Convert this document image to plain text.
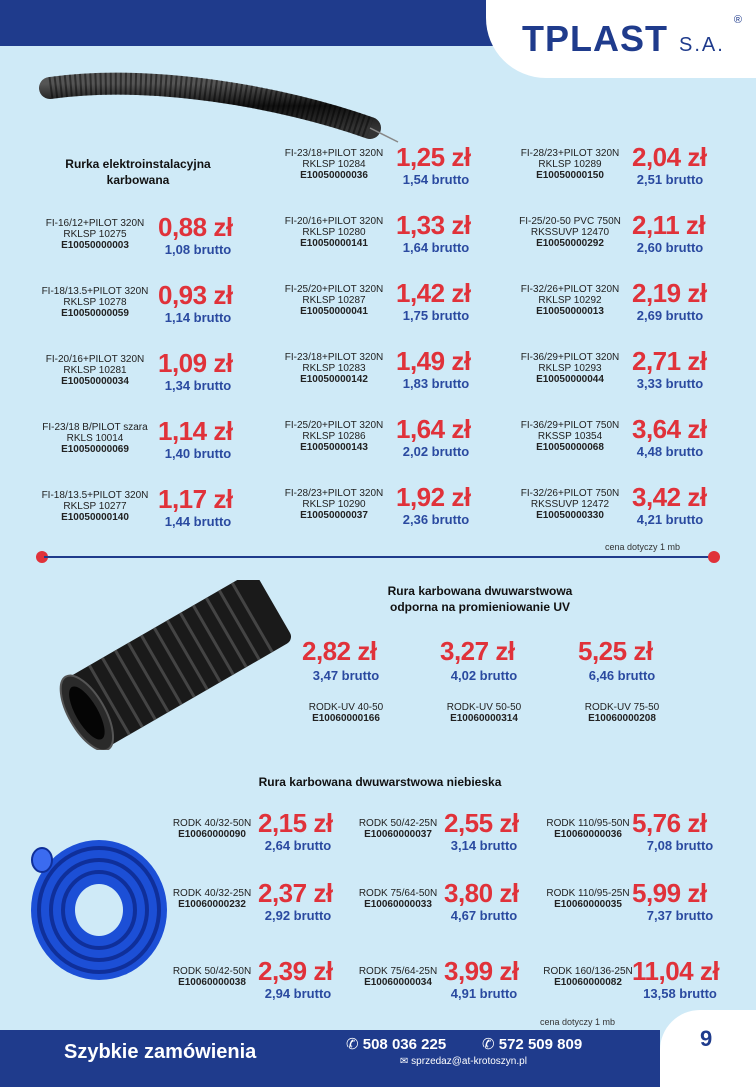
TPLAST S.A.
®
Rurka elektroinstalacyjna
karbowana
FI-16/12+PILOT 320N
RKLSP 10275
E10050000003
0,88 zł
1,08 brutto
FI-18/13.5+PILOT 320N
RKLSP 10278
E10050000059
0,93 zł
1,14 brutto
FI-20/16+PILOT 320N
RKLSP 10281
E10050000034
1,09 zł
1,34 brutto
FI-23/18 B/PILOT szara
RKLS 10014
E10050000069
1,14 zł
1,40 brutto
FI-18/13.5+PILOT 320N
RKLSP 10277
E10050000140
1,17 zł
1,44 brutto
FI-23/18+PILOT 320N
RKLSP 10284
E10050000036
1,25 zł
1,54 brutto
FI-20/16+PILOT 320N
RKLSP 10280
E10050000141
1,33 zł
1,64 brutto
FI-25/20+PILOT 320N
RKLSP 10287
E10050000041
1,42 zł
1,75 brutto
FI-23/18+PILOT 320N
RKLSP 10283
E10050000142
1,49 zł
1,83 brutto
FI-25/20+PILOT 320N
RKLSP 10286
E10050000143
1,64 zł
2,02 brutto
FI-28/23+PILOT 320N
RKLSP 10290
E10050000037
1,92 zł
2,36 brutto
FI-28/23+PILOT 320N
RKLSP 10289
E10050000150
2,04 zł
2,51 brutto
FI-25/20-50 PVC 750N
RKSSUVP 12470
E10050000292
2,11 zł
2,60 brutto
FI-32/26+PILOT 320N
RKLSP 10292
E10050000013
2,19 zł
2,69 brutto
FI-36/29+PILOT 320N
RKLSP 10293
E10050000044
2,71 zł
3,33 brutto
FI-36/29+PILOT 750N
RKSSP 10354
E10050000068
3,64 zł
4,48 brutto
FI-32/26+PILOT 750N
RKSSUVP 12472
E10050000330
3,42 zł
4,21 brutto
cena dotyczy 1 mb
Rura karbowana dwuwarstwowa
odporna na promieniowanie UV
2,82 zł
3,47 brutto
RODK-UV 40-50
E10060000166
3,27 zł
4,02 brutto
RODK-UV 50-50
E10060000314
5,25 zł
6,46 brutto
RODK-UV 75-50
E10060000208
Rura karbowana dwuwarstwowa niebieska
RODK 40/32-50N
E10060000090 2,15 zł
2,64 brutto
RODK 40/32-25N
E10060000232 2,37 zł
2,92 brutto
RODK 50/42-50N
E10060000038 2,39 zł
2,94 brutto
RODK 50/42-25N
E10060000037 2,55 zł
3,14 brutto
RODK 75/64-50N
E10060000033 3,80 zł
4,67 brutto
RODK 75/64-25N
E10060000034 3,99 zł
4,91 brutto
RODK 110/95-50N
E10060000036 5,76 zł
7,08 brutto
RODK 110/95-25N
E10060000035 5,99 zł
7,37 brutto
RODK 160/136-25N
E10060000082 11,04 zł
13,58 brutto
cena dotyczy 1 mb
Szybkie zamówienia	✆ 508 036 225 ✆ 572 509 809
✉ sprzedaz@at-krotoszyn.pl
9
